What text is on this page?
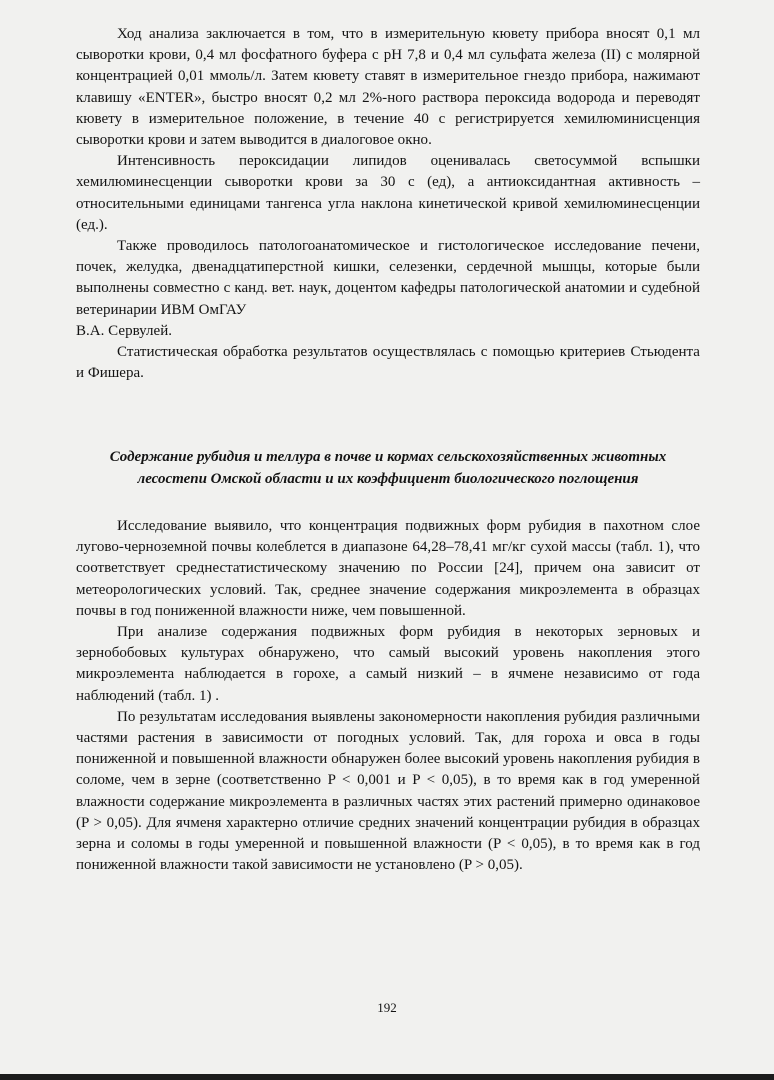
Ход анализа заключается в том, что в измерительную кювету прибора вносят 0,1 мл сыворотки крови, 0,4 мл фосфатного буфера с pH 7,8 и 0,4 мл сульфата железа (II) с молярной концентрацией 0,01 ммоль/л. Затем кювету ставят в измерительное гнездо прибора, нажимают клавишу «ENTER», быстро вносят 0,2 мл 2%-ного раствора пероксида водорода и переводят кювету в измерительное положение, в течение 40 с регистрируется хемилюминисценция сыворотки крови и затем выводится в диалоговое окно.

Интенсивность пероксидации липидов оценивалась светосуммой вспышки хемилюминесценции сыворотки крови за 30 с (ед), а антиоксидантная активность – относительными единицами тангенса угла наклона кинетической кривой хемилюминесценции (ед.).

Также проводилось патологоанатомическое и гистологическое исследование печени, почек, желудка, двенадцатиперстной кишки, селезенки, сердечной мышцы, которые были выполнены совместно с канд. вет. наук, доцентом кафедры патологической анатомии и судебной ветеринарии ИВМ ОмГАУ

В.А. Сервулей.

Статистическая обработка результатов осуществлялась с помощью критериев Стьюдента и Фишера.

Содержание рубидия и теллура в почве и кормах сельскохозяйственных животных лесостепи Омской области и их коэффициент биологического поглощения

Исследование выявило, что концентрация подвижных форм рубидия в пахотном слое лугово-черноземной почвы колеблется в диапазоне 64,28–78,41 мг/кг сухой массы (табл. 1), что соответствует среднестатистическому значению по России [24], причем она зависит от метеорологических условий. Так, среднее значение содержания микроэлемента в образцах почвы в год пониженной влажности ниже, чем повышенной.

При анализе содержания подвижных форм рубидия в некоторых зерновых и зернобобовых культурах обнаружено, что самый высокий уровень накопления этого микроэлемента наблюдается в горохе, а самый низкий – в ячмене независимо от года наблюдений (табл. 1) .

По результатам исследования выявлены закономерности накопления рубидия различными частями растения в зависимости от погодных условий. Так, для гороха и овса в годы пониженной и повышенной влажности обнаружен более высокий уровень накопления рубидия в соломе, чем в зерне (соответственно P < 0,001 и P < 0,05), в то время как в год умеренной влажности содержание микроэлемента в различных частях этих растений примерно одинаковое (P > 0,05). Для ячменя характерно отличие средних значений концентрации рубидия в образцах зерна и соломы в годы умеренной и повышенной влажности (P < 0,05), в то время как в год пониженной влажности такой зависимости не установлено (P > 0,05).

192
